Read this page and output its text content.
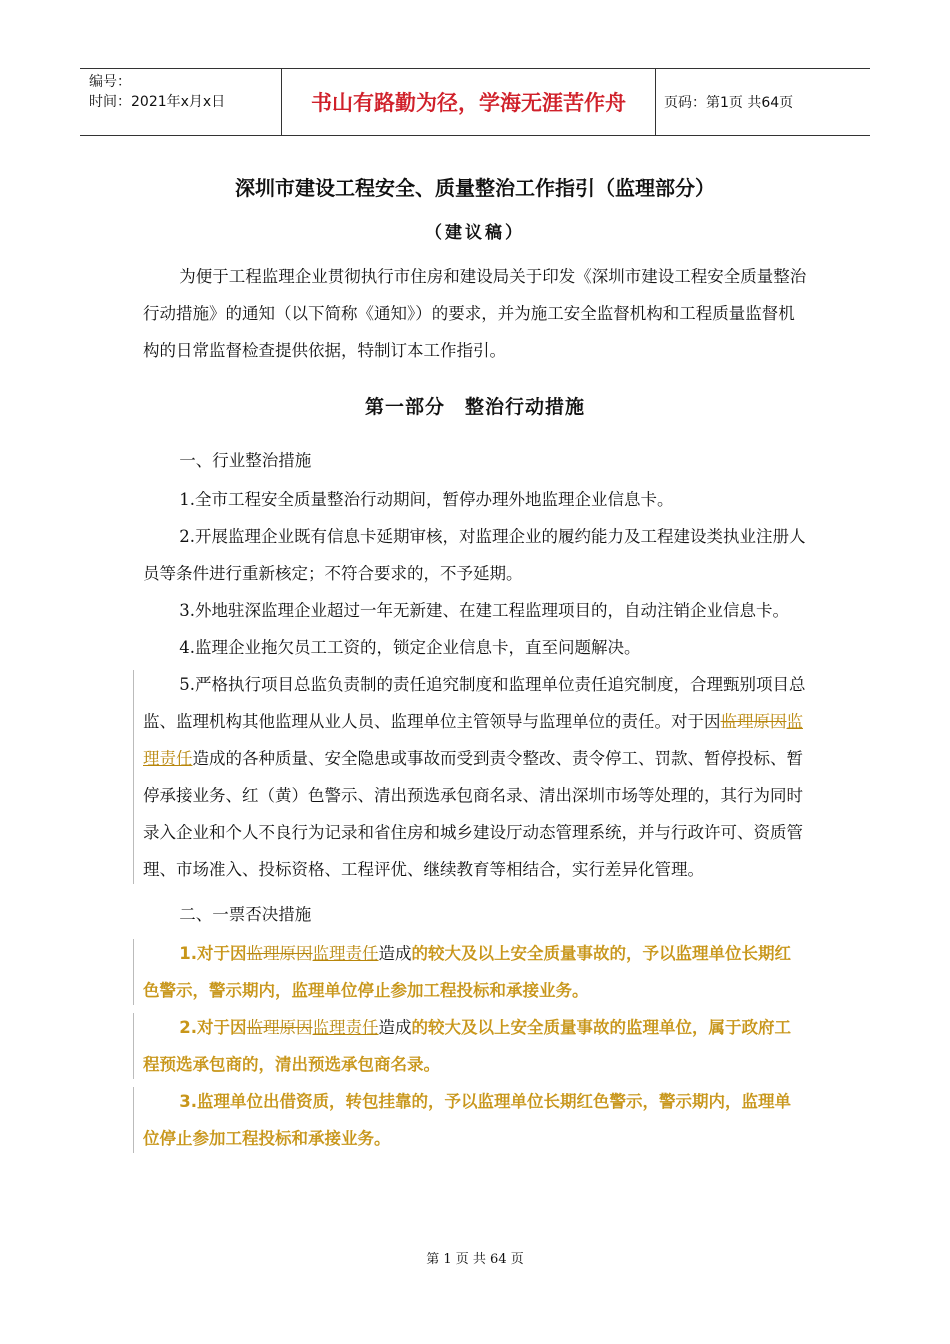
编号：
时间：2021年x月x日	书山有路勤为径，学海无涯苦作舟	页码：第1页 共64页
深圳市建设工程安全、质量整治工作指引（监理部分）
（建议稿）

为便于工程监理企业贯彻执行市住房和建设局关于印发《深圳市建设工程安全质量整治行动措施》的通知（以下简称《通知》）的要求，并为施工安全监督机构和工程质量监督机构的日常监督检查提供依据，特制订本工作指引。

第一部分　整治行动措施
一、行业整治措施

1.全市工程安全质量整治行动期间，暂停办理外地监理企业信息卡。

2.开展监理企业既有信息卡延期审核，对监理企业的履约能力及工程建设类执业注册人员等条件进行重新核定；不符合要求的，不予延期。

3.外地驻深监理企业超过一年无新建、在建工程监理项目的，自动注销企业信息卡。

4.监理企业拖欠员工工资的，锁定企业信息卡，直至问题解决。

5.严格执行项目总监负责制的责任追究制度和监理单位责任追究制度，合理甄别项目总监、监理机构其他监理从业人员、监理单位主管领导与监理单位的责任。对于因监理原因监理责任造成的各种质量、安全隐患或事故而受到责令整改、责令停工、罚款、暂停投标、暂停承接业务、红（黄）色警示、清出预选承包商名录、清出深圳市场等处理的，其行为同时录入企业和个人不良行为记录和省住房和城乡建设厅动态管理系统，并与行政许可、资质管理、市场准入、投标资格、工程评优、继续教育等相结合，实行差异化管理。

二、一票否决措施

1.对于因监理原因监理责任造成的较大及以上安全质量事故的，予以监理单位长期红色警示，警示期内，监理单位停止参加工程投标和承接业务。

2.对于因监理原因监理责任造成的较大及以上安全质量事故的监理单位，属于政府工程预选承包商的，清出预选承包商名录。

3.监理单位出借资质，转包挂靠的，予以监理单位长期红色警示，警示期内，监理单位停止参加工程投标和承接业务。

第 1 页 共 64 页
